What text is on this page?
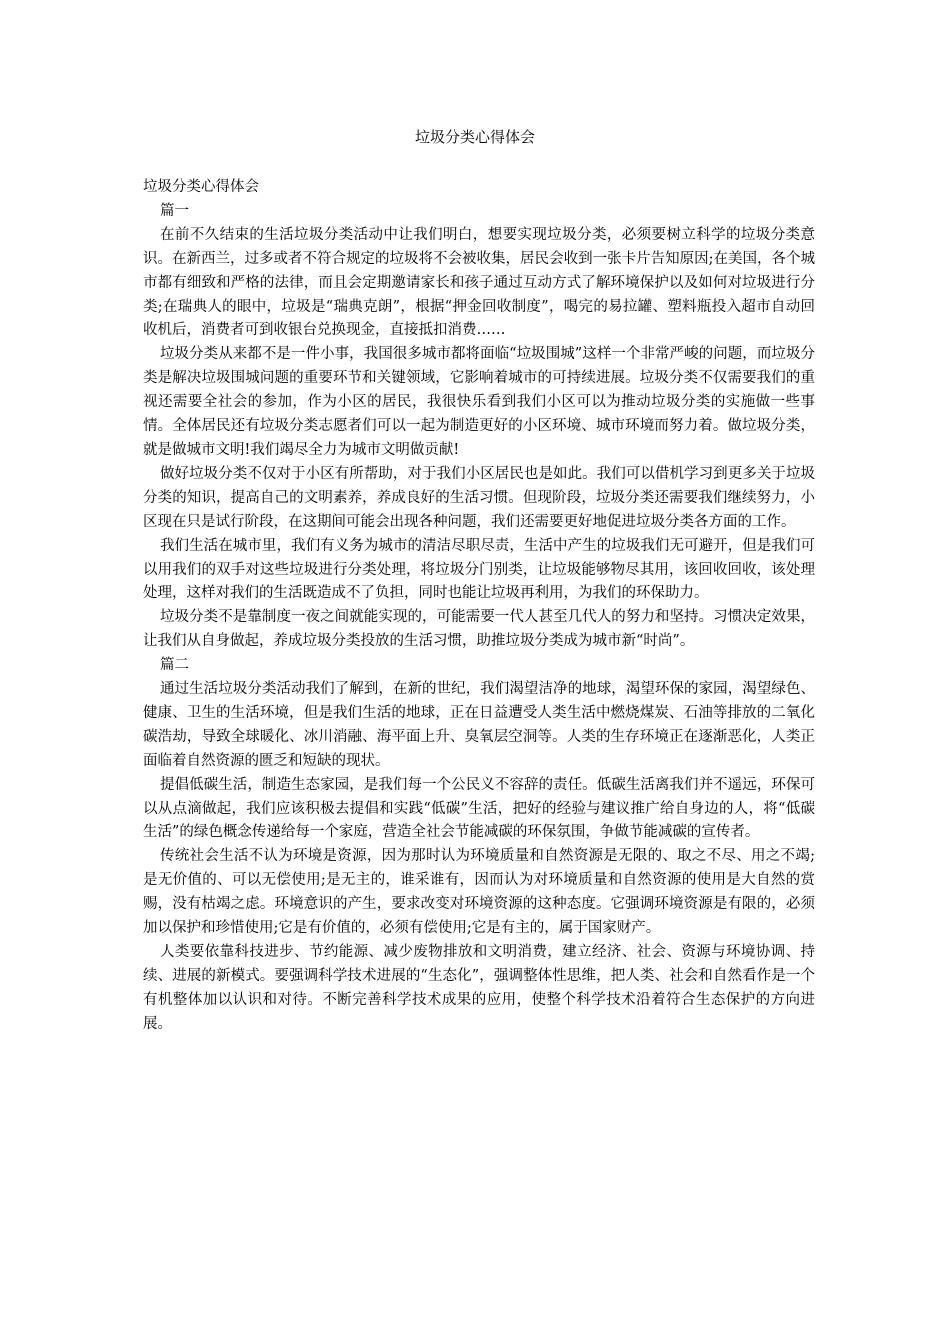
垃圾分类心得体会

垃圾分类心得体会

篇一

在前不久结束的生活垃圾分类活动中让我们明白，想要实现垃圾分类，必须要树立科学的垃圾分类意识。在新西兰，过多或者不符合规定的垃圾将不会被收集，居民会收到一张卡片告知原因;在美国，各个城市都有细致和严格的法律，而且会定期邀请家长和孩子通过互动方式了解环境保护以及如何对垃圾进行分类;在瑞典人的眼中，垃圾是“瑞典克朗”，根据“押金回收制度”，喝完的易拉罐、塑料瓶投入超市自动回收机后，消费者可到收银台兑换现金，直接抵扣消费……

垃圾分类从来都不是一件小事，我国很多城市都将面临“垃圾围城”这样一个非常严峻的问题，而垃圾分类是解决垃圾围城问题的重要环节和关键领域，它影响着城市的可持续进展。垃圾分类不仅需要我们的重视还需要全社会的参加，作为小区的居民，我很快乐看到我们小区可以为推动垃圾分类的实施做一些事情。全体居民还有垃圾分类志愿者们可以一起为制造更好的小区环境、城市环境而努力着。做垃圾分类，就是做城市文明!我们竭尽全力为城市文明做贡献!

做好垃圾分类不仅对于小区有所帮助，对于我们小区居民也是如此。我们可以借机学习到更多关于垃圾分类的知识，提高自己的文明素养，养成良好的生活习惯。但现阶段，垃圾分类还需要我们继续努力，小区现在只是试行阶段，在这期间可能会出现各种问题，我们还需要更好地促进垃圾分类各方面的工作。

我们生活在城市里，我们有义务为城市的清洁尽职尽责，生活中产生的垃圾我们无可避开，但是我们可以用我们的双手对这些垃圾进行分类处理，将垃圾分门别类，让垃圾能够物尽其用，该回收回收，该处理处理，这样对我们的生活既造成不了负担，同时也能让垃圾再利用，为我们的环保助力。

垃圾分类不是靠制度一夜之间就能实现的，可能需要一代人甚至几代人的努力和坚持。习惯决定效果，让我们从自身做起，养成垃圾分类投放的生活习惯，助推垃圾分类成为城市新“时尚”。

篇二

通过生活垃圾分类活动我们了解到，在新的世纪，我们渴望洁净的地球，渴望环保的家园，渴望绿色、健康、卫生的生活环境，但是我们生活的地球，正在日益遭受人类生活中燃烧煤炭、石油等排放的二氧化碳浩劫，导致全球暖化、冰川消融、海平面上升、臭氧层空洞等。人类的生存环境正在逐渐恶化，人类正面临着自然资源的匮乏和短缺的现状。

提倡低碳生活，制造生态家园，是我们每一个公民义不容辞的责任。低碳生活离我们并不遥远，环保可以从点滴做起，我们应该积极去提倡和实践“低碳”生活，把好的经验与建议推广给自身边的人，将“低碳生活”的绿色概念传递给每一个家庭，营造全社会节能减碳的环保氛围，争做节能减碳的宣传者。

传统社会生活不认为环境是资源，因为那时认为环境质量和自然资源是无限的、取之不尽、用之不竭;是无价值的、可以无偿使用;是无主的，谁采谁有，因而认为对环境质量和自然资源的使用是大自然的赏赐，没有枯竭之虑。环境意识的产生，要求改变对环境资源的这种态度。它强调环境资源是有限的，必须加以保护和珍惜使用;它是有价值的，必须有偿使用;它是有主的，属于国家财产。

人类要依靠科技进步、节约能源、减少废物排放和文明消费，建立经济、社会、资源与环境协调、持续、进展的新模式。要强调科学技术进展的“生态化”，强调整体性思维，把人类、社会和自然看作是一个有机整体加以认识和对待。不断完善科学技术成果的应用，使整个科学技术沿着符合生态保护的方向进展。
